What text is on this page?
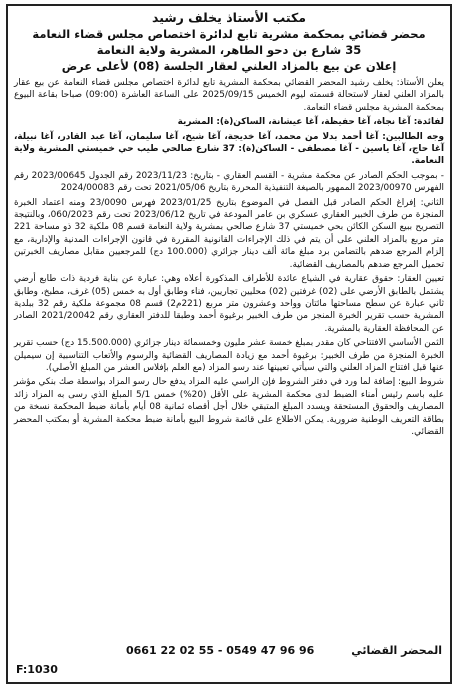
مكتب الأستاذ يخلف رشيد
محضر قضائي بمحكمة مشرية تابع لدائرة اختصاص مجلس قضاء النعامة
35 شارع بن دحو الطاهر، المشرية ولاية النعامة
إعلان عن بيع بالمزاد العلني لعقار الجلسة (08) لأعلى عرض

يعلن الأستاذ: يخلف رشيد المحضر القضائي بمحكمة المشرية تابع لدائرة اختصاص مجلس قضاء النعامة عن بيع عقار بالمزاد العلني لعقار لاستحالة قسمته ليوم الخميس 2025/09/15 على الساعة العاشرة (09:00) صباحا بقاعة البيوع بمحكمة المشرية مجلس قضاء النعامة.

لفائدة: آغا نجاة، آغا حفيظة، آغا عيشانة، الساكن(ة): المشرية

وجه الطالبين: آغا أحمد بدلا من محمد، آغا خديجة، آغا شيخ، آغا سليمان، آغا عبد القادر، آغا نبيلة، آغا حاج، آغا ياسين - آغا مصطفى - الساكن(ة): 37 شارع صالحي طيب حي خميستي المشرية ولاية النعامة.

- بموجب الحكم الصادر عن محكمة مشرية - القسم العقاري - بتاريخ: 2023/11/23 رقم الجدول 2023/00645 رقم الفهرس 2023/00970 الممهور بالصيغة التنفيذية المحررة بتاريخ 2021/05/06 تحت رقم 2024/00083

الثاني: إفراغ الحكم الصادر قبل الفصل في الموضوع بتاريخ 2023/01/25 فهرس 23/0090 ومنه اعتماد الخبرة المنجزة من طرف الخبير العقاري عسكري بن عامر المودعة في تاريخ 2023/06/12 تحت رقم 060/2023، وبالنتيجة التصريح ببيع السكن الكائن بحي خميستي 37 شارع صالحي بمشرية ولاية النعامة قسم 08 ملكية 32 ذو مساحة 221 متر مربع بالمزاد العلني على أن يتم في ذلك الإجراءات القانونية المقررة في قانون الإجراءات المدنية والإدارية، مع إلزام المرجع ضدهم بالتضامن برد مبلغ مائة ألف دينار جزائري (100.000 دج) للمرجعيين مقابل مصاريف الخبرتين تحميل المرجع ضدهم بالمصاريف القضائية.

تعيين العقار: حقوق عقارية في الشياع عائدة للأطراف المذكورة أعلاه وهي: عبارة عن بناية فردية ذات طابع أرضي يشتمل بالطابق الأرضي على (02) غرفتين (02) محليين تجاريين، فناء وطابق أول به خمس (05) غرف، مطبخ، وطابق ثاني عبارة عن سطح مساحتها مائتان وواحد وعشرون متر مربع (221م2) قسم 08 مجموعة ملكية رقم 32 ببلدية المشرية حسب تقرير الخبرة المنجز من طرف الخبير برغيوة أحمد وطبقا للدفتر العقاري رقم 2021/20042 الصادر عن المحافظة العقارية بالمشرية.

الثمن الأساسي الافتتاحي كان مقدر بمبلغ خمسة عشر مليون وخمسمائة دينار جزائري (15.500.000 دج) حسب تقرير الخبرة المنجزة من طرف الخبير: برغيوة أحمد مع زيادة المصاريف القضائية والرسوم والأتعاب التناسبية إن سيميلن عنها قبل افتتاح المزاد العلني والتي سيأتي تعيينها عند رسو المزاد (مع العلم بإفلاس العشر من المبلغ الأصلي).

شروط البيع: إضافة لما ورد في دفتر الشروط فإن الراسي عليه المزاد يدفع حال رسو المزاد بواسطة صك بنكي مؤشر عليه باسم رئيس أمناء الضبط لدى محكمة المشرية على الأقل (20%) خمس 5/1 المبلغ الذي رسى به المزاد زائد المصاريف والحقوق المستحقة ويسدد المبلغ المتبقي خلال أجل أقصاه ثمانية 08 أيام بأمانة ضبط المحكمة نسخة من بطاقة التعريف الوطنية ضرورية. يمكن الاطلاع على قائمة شروط البيع بأمانة ضبط محكمة المشرية أو بمكتب المحضر القضائي.

المحضر القضائي
0661 22 02 55 - 0549 47 96 96
F:1030
